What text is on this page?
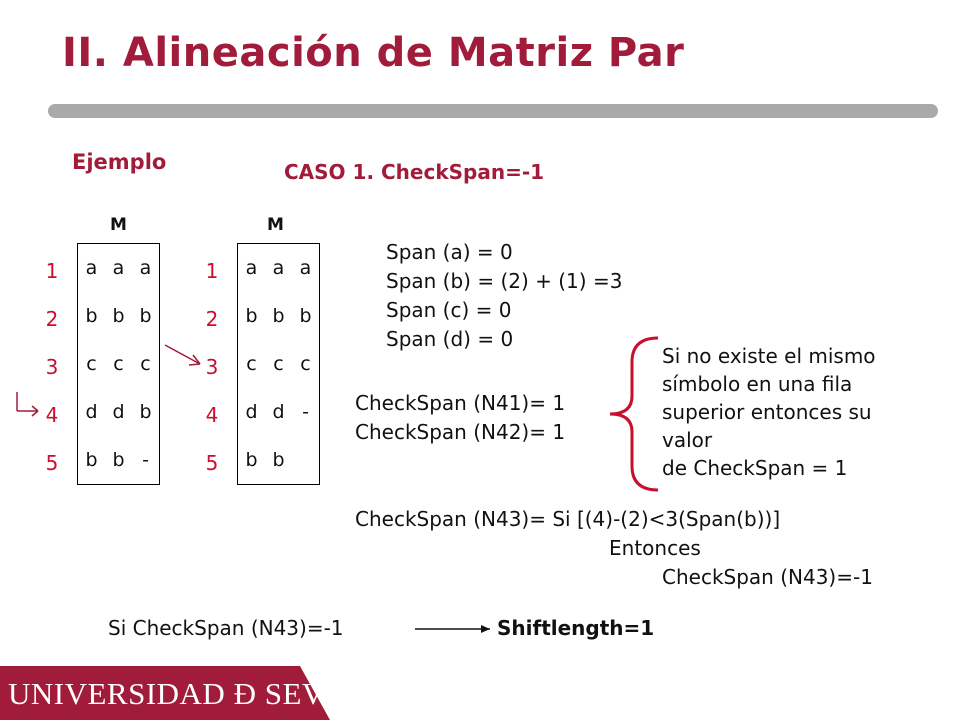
II. Alineación de Matriz Par
Ejemplo	CASO 1. CheckSpan=-1
M
1
2
3
4
5
a	a	a
b	b	b
c	c	c
d	d	b
b	b	-
M
1
2
3
4
5
a	a	a
b	b	b
c	c	c
d	d	-
b	b	
Span (a) = 0
Span (b) = (2) + (1) =3
Span (c) = 0
Span (d) = 0
CheckSpan (N41)= 1
CheckSpan (N42)= 1
Si no existe el mismo
símbolo en una fila
superior entonces su
valor
de CheckSpan = 1
CheckSpan (N43)= Si [(4)-(2)<3(Span(b))]
Entonces
CheckSpan (N43)=-1
Si CheckSpan (N43)=-1	Shiftlength=1
UNIVERSIDAD Ð SEVILLA
